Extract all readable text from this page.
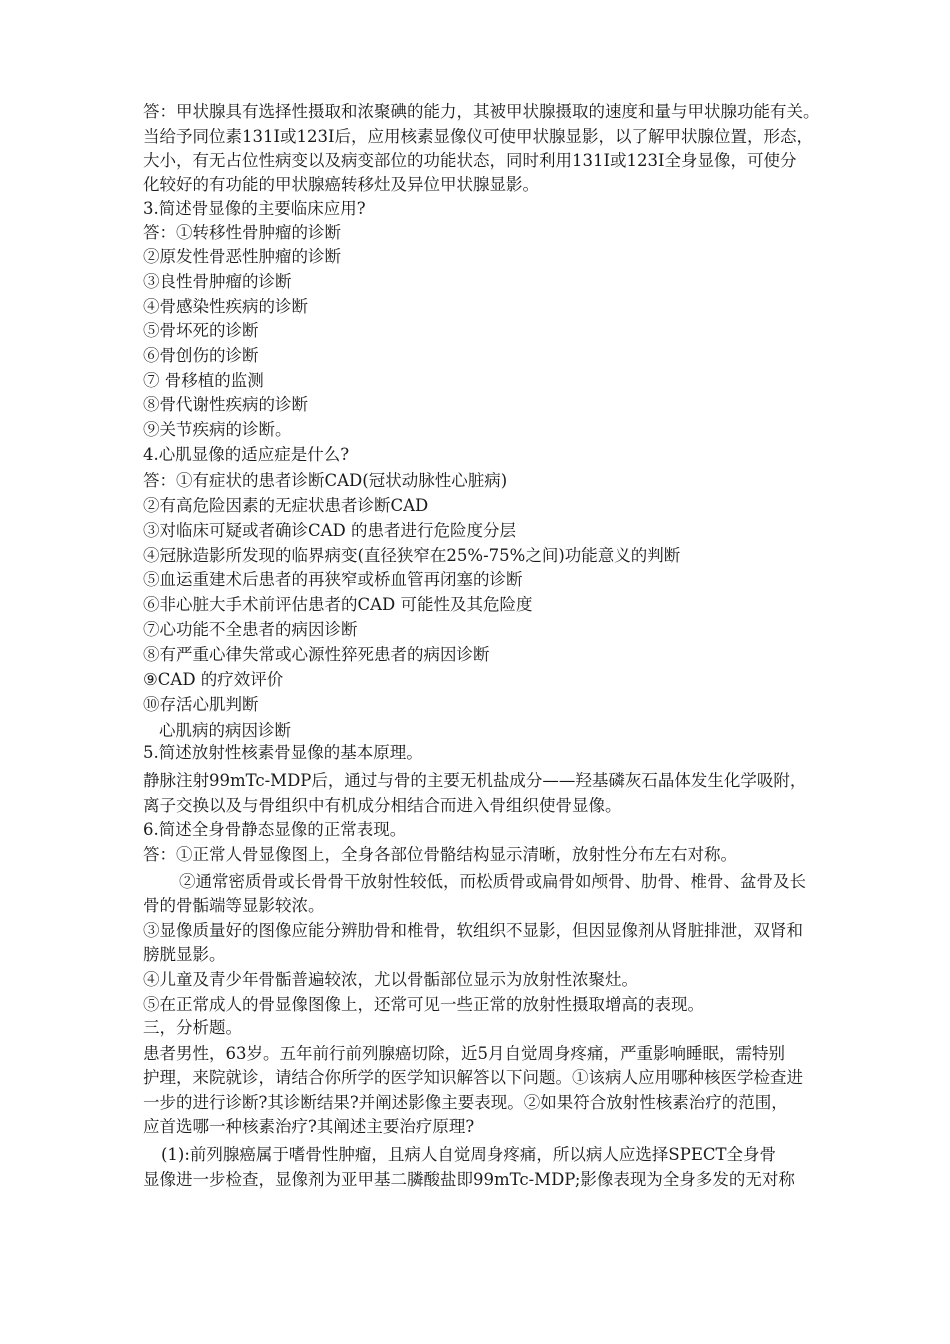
答：甲状腺具有选择性摄取和浓聚碘的能力，其被甲状腺摄取的速度和量与甲状腺功能有关。
当给予同位素131I或123I后，应用核素显像仪可使甲状腺显影，以了解甲状腺位置，形态，
大小，有无占位性病变以及病变部位的功能状态，同时利用131I或123I全身显像，可使分
化较好的有功能的甲状腺癌转移灶及异位甲状腺显影。
3.简述骨显像的主要临床应用?
答：①转移性骨肿瘤的诊断
②原发性骨恶性肿瘤的诊断
③良性骨肿瘤的诊断
④骨感染性疾病的诊断
⑤骨坏死的诊断
⑥骨创伤的诊断
⑦ 骨移植的监测
⑧骨代谢性疾病的诊断
⑨关节疾病的诊断。
4.心肌显像的适应症是什么?
答：①有症状的患者诊断CAD(冠状动脉性心脏病)
②有高危险因素的无症状患者诊断CAD
③对临床可疑或者确诊CAD 的患者进行危险度分层
④冠脉造影所发现的临界病变(直径狭窄在25%-75%之间)功能意义的判断
⑤血运重建术后患者的再狭窄或桥血管再闭塞的诊断
⑥非心脏大手术前评估患者的CAD 可能性及其危险度
⑦心功能不全患者的病因诊断
⑧有严重心律失常或心源性猝死患者的病因诊断
⑨CAD 的疗效评价
⑩存活心肌判断
心肌病的病因诊断
5.简述放射性核素骨显像的基本原理。
静脉注射99mTc-MDP后，通过与骨的主要无机盐成分——羟基磷灰石晶体发生化学吸附，
离子交换以及与骨组织中有机成分相结合而进入骨组织使骨显像。
6.简述全身骨静态显像的正常表现。
答：①正常人骨显像图上，全身各部位骨骼结构显示清晰，放射性分布左右对称。
②通常密质骨或长骨骨干放射性较低，而松质骨或扁骨如颅骨、肋骨、椎骨、盆骨及长
骨的骨骺端等显影较浓。
③显像质量好的图像应能分辨肋骨和椎骨，软组织不显影，但因显像剂从肾脏排泄，双肾和
膀胱显影。
④儿童及青少年骨骺普遍较浓，尤以骨骺部位显示为放射性浓聚灶。
⑤在正常成人的骨显像图像上，还常可见一些正常的放射性摄取增高的表现。
三，分析题。
患者男性，63岁。五年前行前列腺癌切除，近5月自觉周身疼痛，严重影响睡眠，需特别
护理，来院就诊，请结合你所学的医学知识解答以下问题。①该病人应用哪种核医学检查进
一步的进行诊断?其诊断结果?并阐述影像主要表现。②如果符合放射性核素治疗的范围，
应首选哪一种核素治疗?其阐述主要治疗原理?
(1):前列腺癌属于嗜骨性肿瘤，且病人自觉周身疼痛，所以病人应选择SPECT全身骨
显像进一步检查，显像剂为亚甲基二膦酸盐即99mTc-MDP;影像表现为全身多发的无对称
